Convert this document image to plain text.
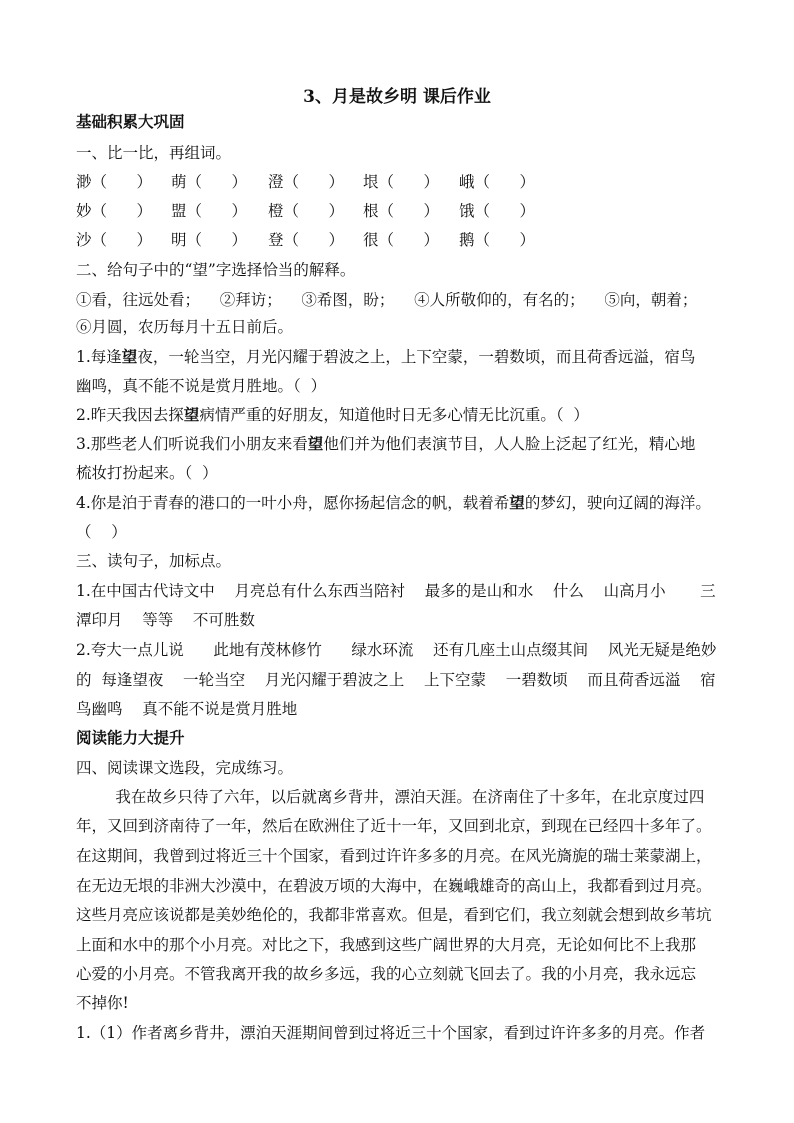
3、月是故乡明 课后作业
基础积累大巩固
一、比一比，再组词。
渺（      ） 萌（      ） 澄（      ） 垠（      ） 峨（      ）
妙（      ） 盟（      ） 橙（      ） 根（      ） 饿（      ）
沙（      ） 明（      ） 登（      ） 很（      ） 鹅（      ）
二、给句子中的“望”字选择恰当的解释。
①看，往远处看；    ②拜访；    ③希图，盼；    ④人所敬仰的，有名的；    ⑤向，朝着；
⑥月圆，农历每月十五日前后。
1.每逢望夜，一轮当空，月光闪耀于碧波之上，上下空蒙，一碧数顷，而且荷香远溢，宿鸟
幽鸣，真不能不说是赏月胜地。（  ）
2.昨天我因去探望病情严重的好朋友，知道他时日无多心情无比沉重。（  ）
3.那些老人们听说我们小朋友来看望他们并为他们表演节目，人人脸上泛起了红光，精心地
梳妆打扮起来。（  ）
4.你是泊于青春的港口的一叶小舟，愿你扬起信念的帆，载着希望的梦幻，驶向辽阔的海洋。
（    ）
三、读句子，加标点。
1.在中国古代诗文中    月亮总有什么东西当陪衬    最多的是山和水    什么    山高月小       三
潭印月    等等    不可胜数
2.夸大一点儿说      此地有茂林修竹      绿水环流    还有几座土山点缀其间    风光无疑是绝妙
的  每逢望夜    一轮当空    月光闪耀于碧波之上    上下空蒙    一碧数顷    而且荷香远溢    宿
鸟幽鸣    真不能不说是赏月胜地
阅读能力大提升
四、阅读课文选段，完成练习。
我在故乡只待了六年，以后就离乡背井，漂泊天涯。在济南住了十多年，在北京度过四
年，又回到济南待了一年，然后在欧洲住了近十一年，又回到北京，到现在已经四十多年了。
在这期间，我曾到过将近三十个国家，看到过许许多多的月亮。在风光旖旎的瑞士莱蒙湖上，
在无边无垠的非洲大沙漠中，在碧波万顷的大海中，在巍峨雄奇的高山上，我都看到过月亮。
这些月亮应该说都是美妙绝伦的，我都非常喜欢。但是，看到它们，我立刻就会想到故乡苇坑
上面和水中的那个小月亮。对比之下，我感到这些广阔世界的大月亮，无论如何比不上我那
心爱的小月亮。不管我离开我的故乡多远，我的心立刻就飞回去了。我的小月亮，我永远忘
不掉你!
1.（1）作者离乡背井，漂泊天涯期间曾到过将近三十个国家，看到过许许多多的月亮。作者
